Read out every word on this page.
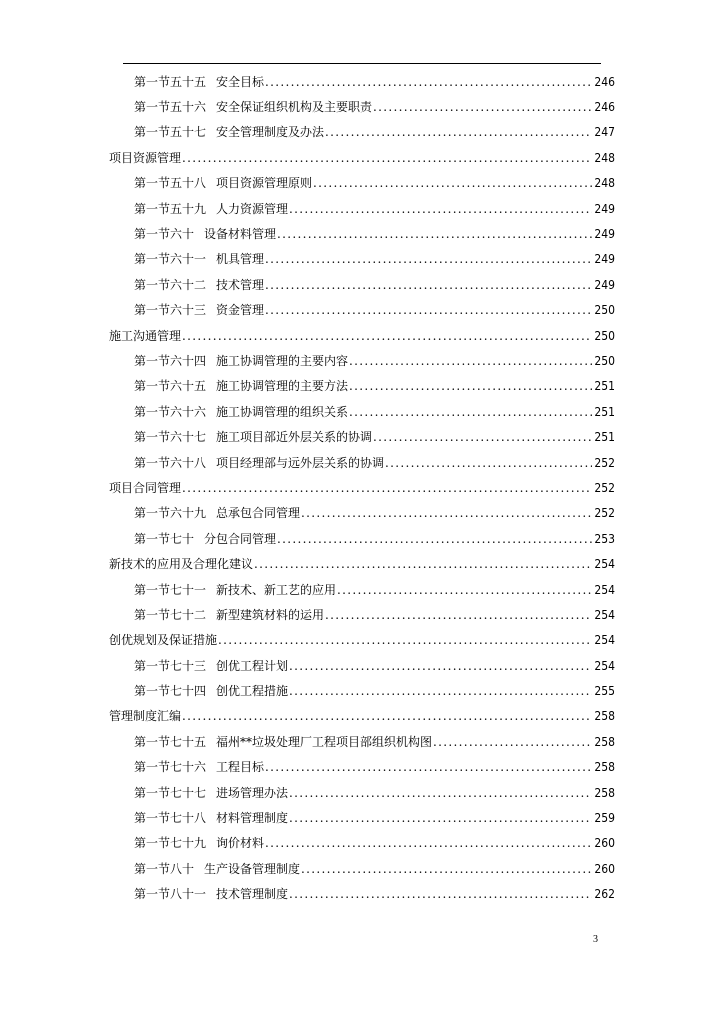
第一节五十五 安全目标 .....	246
第一节五十六 安全保证组织机构及主要职责 .....	246
第一节五十七 安全管理制度及办法 .....	247
项目资源管理 .....	248
第一节五十八 项目资源管理原则 .....	248
第一节五十九 人力资源管理 .....	249
第一节六十 设备材料管理 .....	249
第一节六十一 机具管理 .....	249
第一节六十二 技术管理 .....	249
第一节六十三 资金管理 .....	250
施工沟通管理 .....	250
第一节六十四 施工协调管理的主要内容 .....	250
第一节六十五 施工协调管理的主要方法 .....	251
第一节六十六 施工协调管理的组织关系 .....	251
第一节六十七 施工项目部近外层关系的协调 .....	251
第一节六十八 项目经理部与远外层关系的协调 .....	252
项目合同管理 .....	252
第一节六十九 总承包合同管理 .....	252
第一节七十 分包合同管理 .....	253
新技术的应用及合理化建议 .....	254
第一节七十一 新技术、新工艺的应用 .....	254
第一节七十二 新型建筑材料的运用 .....	254
创优规划及保证措施 .....	254
第一节七十三 创优工程计划 .....	254
第一节七十四 创优工程措施 .....	255
管理制度汇编 .....	258
第一节七十五 福州**垃圾处理厂工程项目部组织机构图 .....	258
第一节七十六 工程目标 .....	258
第一节七十七 进场管理办法 .....	258
第一节七十八 材料管理制度 .....	259
第一节七十九 询价材料 .....	260
第一节八十 生产设备管理制度 .....	260
第一节八十一 技术管理制度 .....	262
3
